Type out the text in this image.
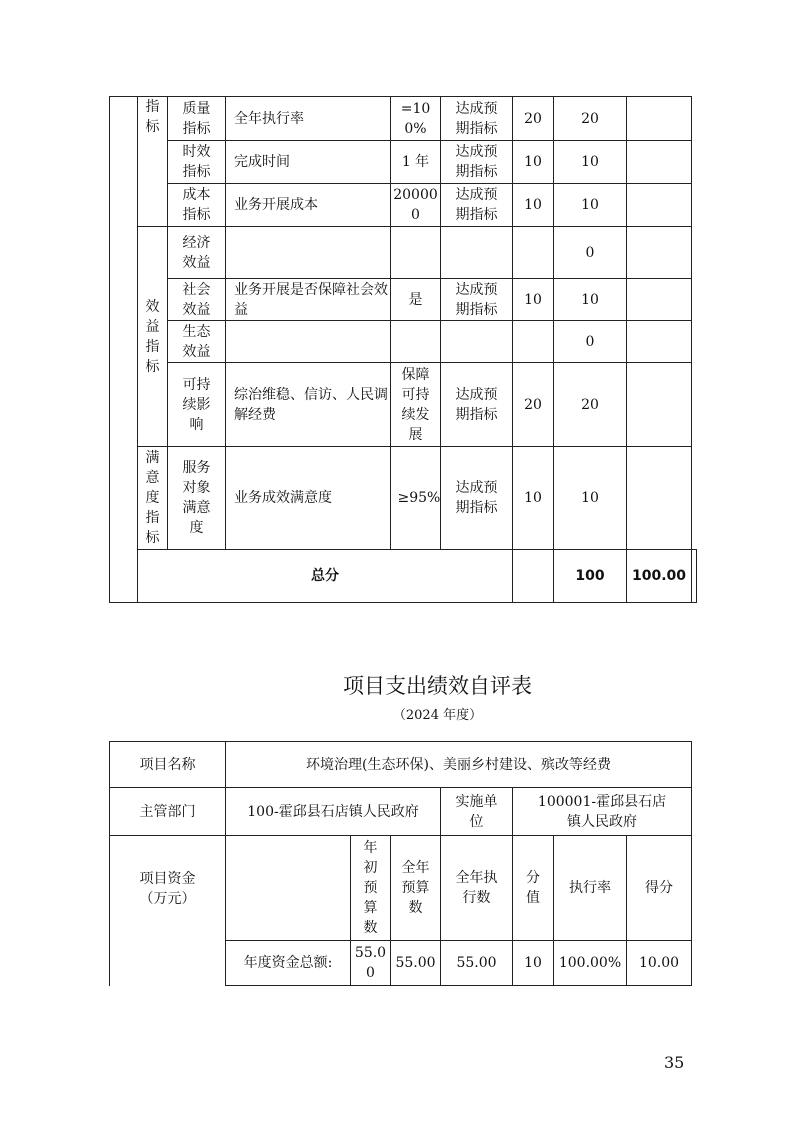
	指标	质量指标	全年执行率	=100%	达成预期指标	20	20		
		时效指标	完成时间	1 年	达成预期指标	10	10		
		成本指标	业务开展成本	200000	达成预期指标	10	10		
	效益指标	经济效益					0		
		社会效益	业务开展是否保障社会效益	是	达成预期指标	10	10		
		生态效益					0		
		可持续影响	综治维稳、信访、人民调解经费	保障可持续发展	达成预期指标	20	20		
	满意度指标	服务对象满意度	业务成效满意度	≥95%	达成预期指标	10	10		
	总分						100	100.00	
项目支出绩效自评表
（2024 年度）
项目名称	环境治理(生态环保)、美丽乡村建设、殡改等经费						
主管部门	100-霍邱县石店镇人民政府			实施单位	100001-霍邱县石店镇人民政府		
项目资金（万元）		年初预算数	全年预算数	全年执行数	分值	执行率	得分
	年度资金总额:	55.00	55.00	55.00	10	100.00%	10.00
35
